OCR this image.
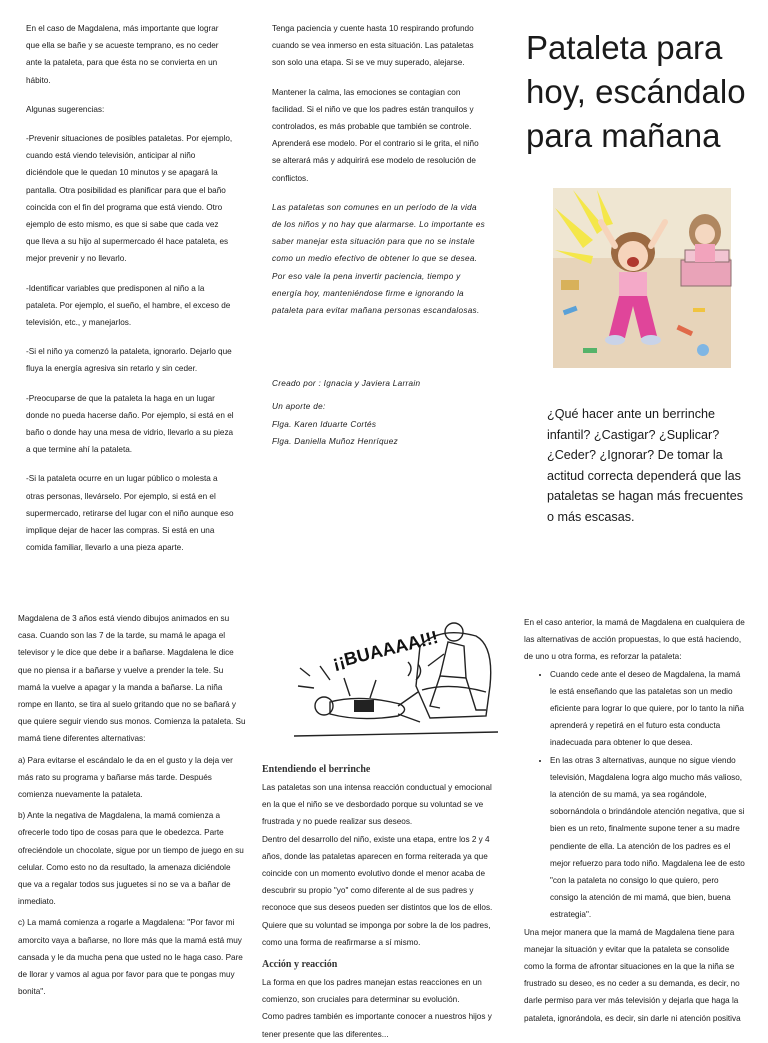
En el caso de Magdalena, más importante que lograr que ella se bañe y se acueste temprano, es no ceder ante la pataleta, para que ésta no se convierta en un hábito.

Algunas sugerencias:

-Prevenir situaciones de posibles pataletas. Por ejemplo, cuando está viendo televisión, anticipar al niño diciéndole que le quedan 10 minutos y se apagará la pantalla. Otra posibilidad es planificar para que el baño coincida con el fin del programa que está viendo. Otro ejemplo de esto mismo, es que si sabe que cada vez que lleva a su hijo al supermercado él hace pataleta, es mejor prevenir y no llevarlo.

-Identificar variables que predisponen al niño a la pataleta. Por ejemplo, el sueño, el hambre, el exceso de televisión, etc., y manejarlos.

-Si el niño ya comenzó la pataleta, ignorarlo. Dejarlo que fluya la energía agresiva sin retarlo y sin ceder.

-Preocuparse de que la pataleta la haga en un lugar donde no pueda hacerse daño. Por ejemplo, si está en el baño o donde hay una mesa de vidrio, llevarlo a su pieza a que termine ahí la pataleta.

-Si la pataleta ocurre en un lugar público o molesta a otras personas, llevárselo. Por ejemplo, si está en el supermercado, retirarse del lugar con el niño aunque eso implique dejar de hacer las compras. Si está en una comida familiar, llevarlo a una pieza aparte.

Tenga paciencia y cuente hasta 10 respirando profundo cuando se vea inmerso en esta situación. Las pataletas son solo una etapa. Si se ve muy superado, alejarse.

Mantener la calma, las emociones se contagian con facilidad. Si el niño ve que los padres están tranquilos y controlados, es más probable que también se controle. Aprenderá ese modelo. Por el contrario si le grita, el niño se alterará más y adquirirá ese modelo de resolución de conflictos.

Las pataletas son comunes en un período de la vida de los niños y no hay que alarmarse. Lo importante es saber manejar esta situación para que no se instale como un medio efectivo de obtener lo que se desea. Por eso vale la pena invertir paciencia, tiempo y energía hoy, manteniéndose firme e ignorando la pataleta para evitar mañana personas escandalosas.

Creado por : Ignacia y Javiera Larrain

Un aporte de:

Flga. Karen Iduarte Cortés

Flga. Daniella Muñoz Henríquez

Pataleta para
hoy, escándalo
para mañana

¿Qué hacer ante un berrinche infantil? ¿Castigar? ¿Suplicar? ¿Ceder? ¿Ignorar? De tomar la actitud correcta dependerá que las pataletas se hagan más frecuentes o más escasas.

Magdalena de 3 años está viendo dibujos animados en su casa. Cuando son las 7 de la tarde, su mamá le apaga el televisor y le dice que debe ir a bañarse. Magdalena le dice que no piensa ir a bañarse y vuelve a prender la tele. Su mamá la vuelve a apagar y la manda a bañarse. La niña rompe en llanto, se tira al suelo gritando que no se bañará y que quiere seguir viendo sus monos. Comienza la pataleta. Su mamá tiene diferentes alternativas:

a) Para evitarse el escándalo le da en el gusto y la deja ver más rato su programa y bañarse más tarde. Después comienza nuevamente la pataleta.

b) Ante la negativa de Magdalena, la mamá comienza a ofrecerle todo tipo de cosas para que le obedezca. Parte ofreciéndole un chocolate, sigue por un tiempo de juego en su celular. Como esto no da resultado, la amenaza diciéndole que va a regalar todos sus juguetes si no se va a bañar de inmediato.

c) La mamá comienza a rogarle a Magdalena: "Por favor mi amorcito vaya a bañarse, no llore más que la mamá está muy cansada y le da mucha pena que usted no le haga caso. Pare de llorar y vamos al agua por favor para que te pongas muy bonita".

¡¡BUAAAA!!!
Entendiendo el berrinche

Las pataletas son una intensa reacción conductual y emocional en la que el niño se ve desbordado porque su voluntad se ve frustrada y no puede realizar sus deseos.

Dentro del desarrollo del niño, existe una etapa, entre los 2 y 4 años, donde las pataletas aparecen en forma reiterada ya que coincide con un momento evolutivo donde el menor acaba de descubrir su propio "yo" como diferente al de sus padres y reconoce que sus deseos pueden ser distintos que los de ellos. Quiere que su voluntad se imponga por sobre la de los padres, como una forma de reafirmarse a sí mismo.

Acción y reacción

La forma en que los padres manejan estas reacciones en un comienzo, son cruciales para determinar su evolución.

Como padres también es importante conocer a nuestros hijos y tener presente que las diferentes...

En el caso anterior, la mamá de Magdalena en cualquiera de las alternativas de acción propuestas, lo que está haciendo, de uno u otra forma, es reforzar la pataleta:

• Cuando cede ante el deseo de Magdalena, la mamá le está enseñando que las pataletas son un medio eficiente para lograr lo que quiere, por lo tanto la niña aprenderá y repetirá en el futuro esta conducta inadecuada para obtener lo que desea.
• En las otras 3 alternativas, aunque no sigue viendo televisión, Magdalena logra algo mucho más valioso, la atención de su mamá, ya sea rogándole, sobornándola o brindándole atención negativa, que si bien es un reto, finalmente supone tener a su madre pendiente de ella. La atención de los padres es el mejor refuerzo para todo niño. Magdalena lee de esto "con la pataleta no consigo lo que quiero, pero consigo la atención de mi mamá, que bien, buena estrategia".

Una mejor manera que la mamá de Magdalena tiene para manejar la situación y evitar que la pataleta se consolide como la forma de afrontar situaciones en la que la niña se frustrado su deseo, es no ceder a su demanda, es decir, no darle permiso para ver más televisión y dejarla que haga la pataleta, ignorándola, es decir, sin darle ni atención positiva
